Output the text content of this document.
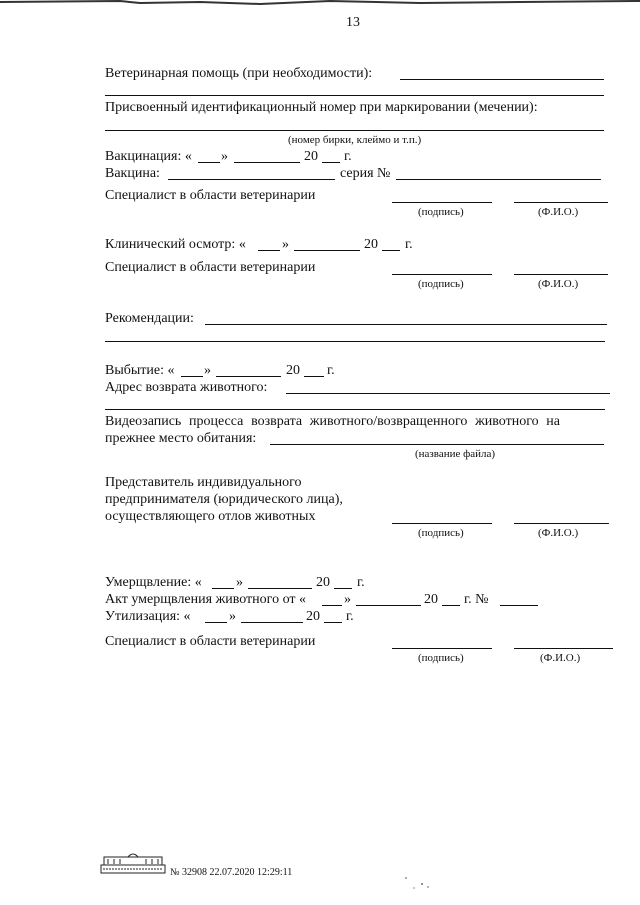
13
Ветеринарная помощь (при необходимости):
Присвоенный идентификационный номер при маркировании (мечении):
(номер бирки, клеймо и т.п.)
Вакцинация: « »	20 г.
Вакцина:	серия №
Специалист в области ветеринарии
(подпись)	(Ф.И.О.)
Клинический осмотр: «	»	20 г.
Специалист в области ветеринарии
(подпись)	(Ф.И.О.)
Рекомендации:
Выбытие: « »	20 г.
Адрес возврата животного:
Видеозапись процесса возврата животного/возвращенного животного на
прежнее место обитания:
(название файла)
Представитель индивидуального
предпринимателя (юридического лица),
осуществляющего отлов животных
(подпись)	(Ф.И.О.)
Умерщвление: « »	20 г.
Акт умерщвления животного от «	»	20 г. №
Утилизация: «	»	20 г.
Специалист в области ветеринарии
(подпись)	(Ф.И.О.)
№ 32908 22.07.2020 12:29:11
